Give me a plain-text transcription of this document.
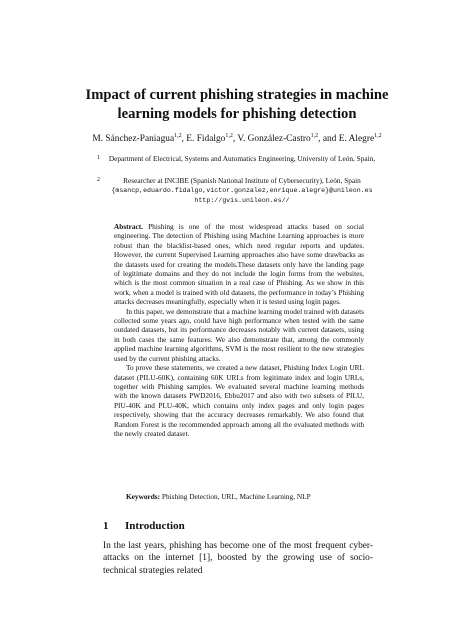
Impact of current phishing strategies in machine learning models for phishing detection
M. Sánchez-Paniagua$^{1,2}$, E. Fidalgo$^{1,2}$, V. González-Castro$^{1,2}$, and E. Alegre$^{1,2}$
$^1$ Department of Electrical, Systems and Automatics Engineering, University of León, Spain,
$^2$	Researcher at INCIBE (Spanish National Institute of Cybersecurity), León, Spain
{msancp,eduardo.fidalgo,victor.gonzalez,enrique.alegre}@unileon.es
http://gvis.unileon.es//

Abstract. Phishing is one of the most widespread attacks based on social engineering. The detection of Phishing using Machine Learning approaches is more robust than the blacklist-based ones, which need regular reports and updates. However, the current Supervised Learning approaches also have some drawbacks as the datasets used for creating the models.These datasets only have the landing page of legitimate domains and they do not include the login forms from the websites, which is the most common situation in a real case of Phishing. As we show in this work, when a model is trained with old datasets, the performance in today’s Phishing attacks decreases meaningfully, especially when it is tested using login pages.

In this paper, we demonstrate that a machine learning model trained with datasets collected some years ago, could have high performance when tested with the same outdated datasets, but its performance decreases notably with current datasets, using in both cases the same features. We also demonstrate that, among the commonly applied machine learning algorithms, SVM is the most resilient to the new strategies used by the current phishing attacks.

To prove these statements, we created a new dataset, Phishing Index Login URL dataset (PILU-60K), containing 60K URLs from legitimate index and login URLs, together with Phishing samples. We evaluated several machine learning methods with the known datasets PWD2016, Ebbu2017 and also with two subsets of PILU, PIU-40K and PLU-40K, which contains only index pages and only login pages respectively, showing that the accuracy decreases remarkably. We also found that Random Forest is the recommended approach among all the evaluated methods with the newly created dataset.

Keywords: Phishing Detection, URL, Machine Learning, NLP
1 Introduction

In the last years, phishing has become one of the most frequent cyber-attacks on the internet [1], boosted by the growing use of socio-technical strategies related
